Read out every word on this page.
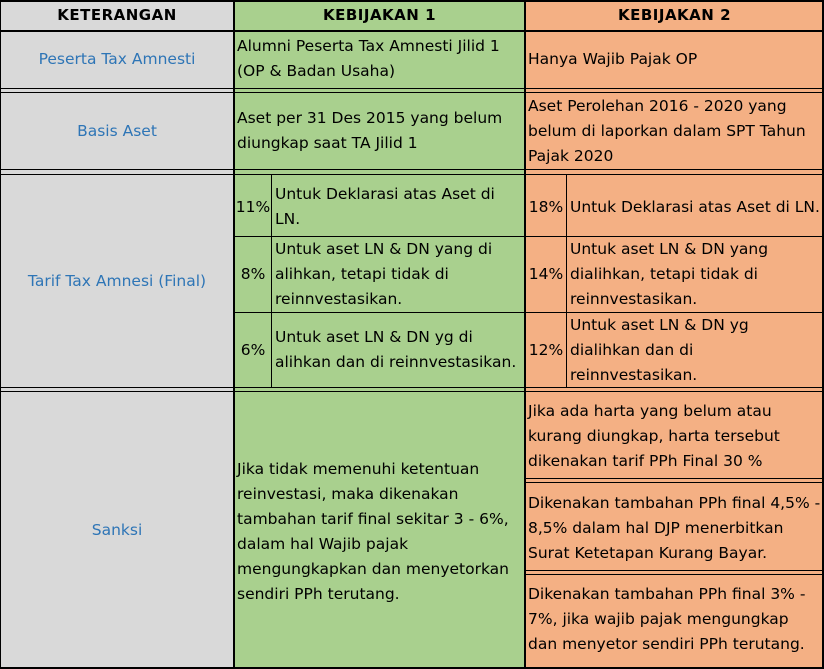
KETERANGAN	KEBIJAKAN 1	KEBIJAKAN 2
Peserta Tax Amnesti
Alumni Peserta Tax Amnesti Jilid 1 (OP & Badan Usaha)
Hanya Wajib Pajak OP
Basis Aset
Aset per 31 Des 2015 yang belum diungkap saat TA Jilid 1
Aset Perolehan 2016 - 2020 yang belum di laporkan dalam SPT Tahun Pajak 2020
Tarif Tax Amnesi (Final)
11%
Untuk Deklarasi atas Aset di LN.
8%
Untuk aset LN & DN yang di alihkan, tetapi tidak di reinnvestasikan.
6%
Untuk aset LN & DN yg di alihkan dan di reinnvestasikan.
18% Untuk Deklarasi atas Aset di LN.
14%
Untuk aset LN & DN yang dialihkan, tetapi tidak di reinnvestasikan.
12%
Untuk aset LN & DN yg dialihkan dan di reinnvestasikan.
Sanksi
Jika tidak memenuhi ketentuan reinvestasi, maka dikenakan tambahan tarif final sekitar 3 - 6%, dalam hal Wajib pajak mengungkapkan dan menyetorkan sendiri PPh terutang.
Jika ada harta yang belum atau kurang diungkap, harta tersebut dikenakan tarif PPh Final 30 %
Dikenakan tambahan PPh final 4,5% - 8,5% dalam hal DJP menerbitkan Surat Ketetapan Kurang Bayar.
Dikenakan tambahan PPh final 3% - 7%, jika wajib pajak mengungkap dan menyetor sendiri PPh terutang.
